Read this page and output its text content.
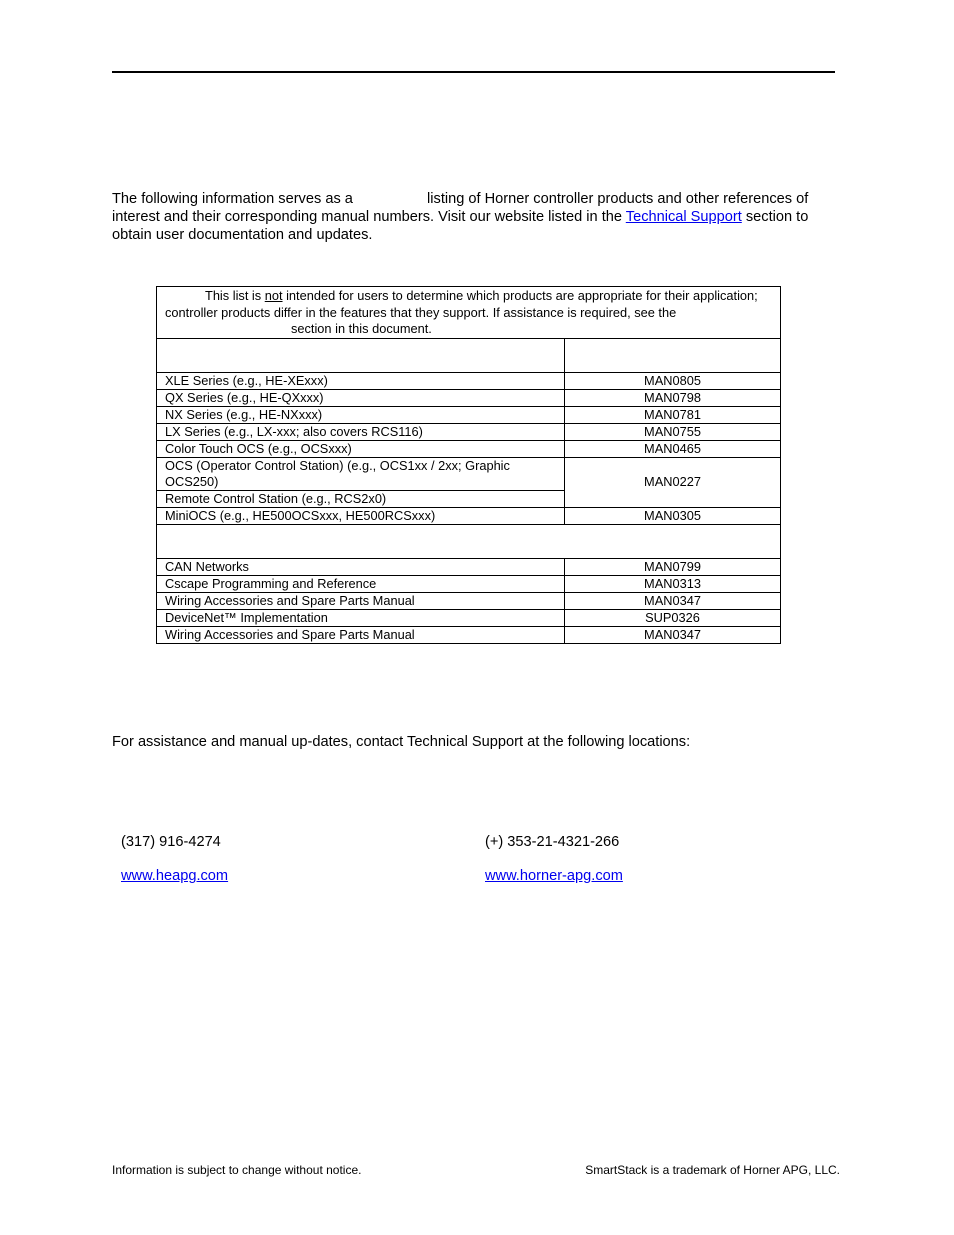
The following information serves as a	listing of Horner controller products and other references of interest and their corresponding manual numbers. Visit our website listed in the Technical Support section to obtain user documentation and updates.
This list is not intended for users to determine which products are appropriate for their application; controller products differ in the features that they support. If assistance is required, see the section in this document.	

XLE Series (e.g., HE-XExxx)	MAN0805
QX Series (e.g., HE-QXxxx)	MAN0798
NX Series (e.g., HE-NXxxx)	MAN0781
LX Series (e.g., LX-xxx; also covers RCS116)	MAN0755
Color Touch OCS (e.g., OCSxxx)	MAN0465
OCS (Operator Control Station) (e.g., OCS1xx / 2xx; Graphic OCS250)	MAN0227
Remote Control Station (e.g., RCS2x0)	
MiniOCS (e.g., HE500OCSxxx, HE500RCSxxx)	MAN0305

CAN Networks	MAN0799
Cscape Programming and Reference	MAN0313
Wiring Accessories and Spare Parts Manual	MAN0347
DeviceNet™ Implementation	SUP0326
Wiring Accessories and Spare Parts Manual	MAN0347
For assistance and manual up-dates, contact Technical Support at the following locations:
(317) 916-4274	(+) 353-21-4321-266
www.heapg.com	www.horner-apg.com
Information is subject to change without notice.	SmartStack is a trademark of Horner APG, LLC.
